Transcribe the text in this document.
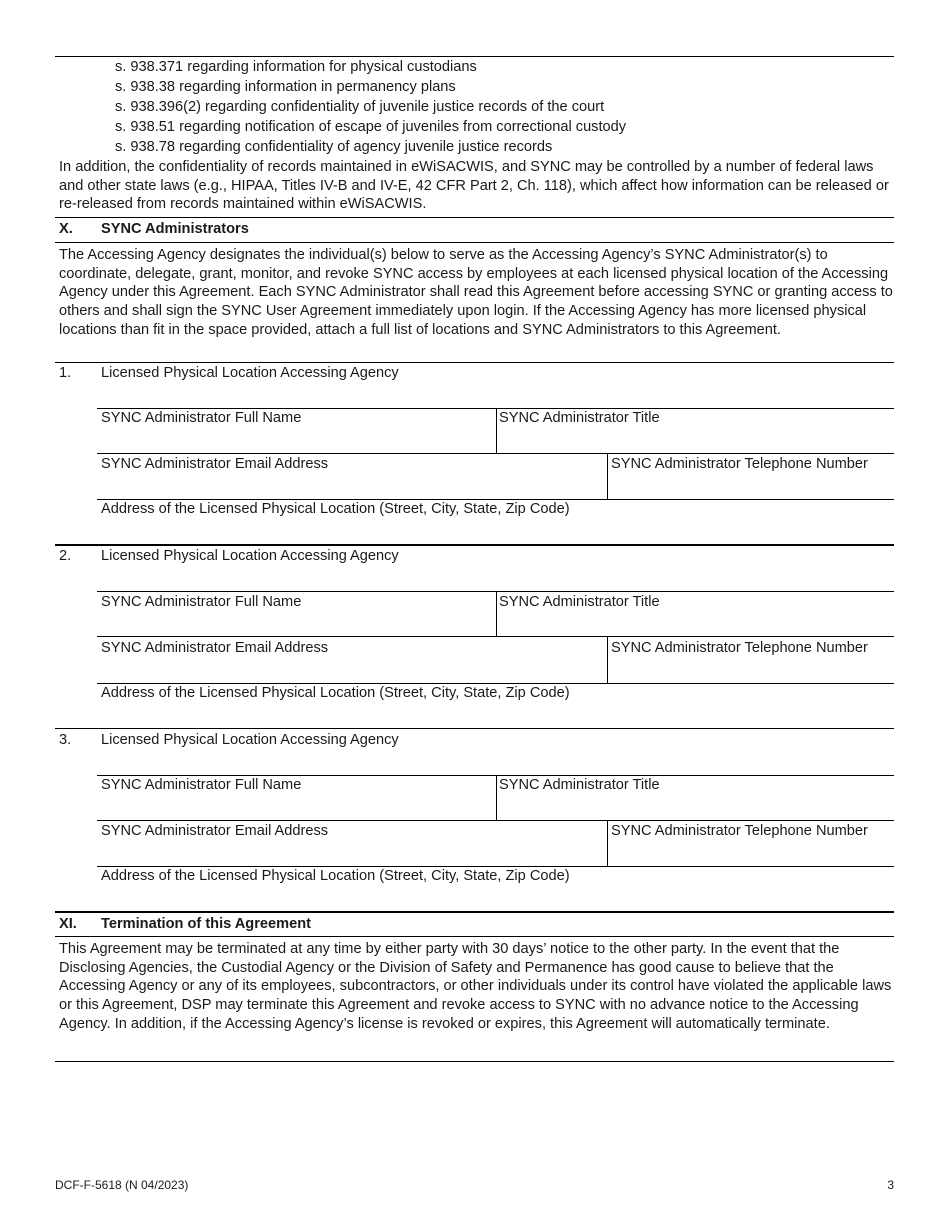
s. 938.371 regarding information for physical custodians
s. 938.38 regarding information in permanency plans
s. 938.396(2) regarding confidentiality of juvenile justice records of the court
s. 938.51 regarding notification of escape of juveniles from correctional custody
s. 938.78 regarding confidentiality of agency juvenile justice records
In addition, the confidentiality of records maintained in eWiSACWIS, and SYNC may be controlled by a number of federal laws and other state laws (e.g., HIPAA, Titles IV-B and IV-E, 42 CFR Part 2, Ch. 118), which affect how information can be released or re-released from records maintained within eWiSACWIS.
X. SYNC Administrators
The Accessing Agency designates the individual(s) below to serve as the Accessing Agency’s SYNC Administrator(s) to coordinate, delegate, grant, monitor, and revoke SYNC access by employees at each licensed physical location of the Accessing Agency under this Agreement. Each SYNC Administrator shall read this Agreement before accessing SYNC or granting access to others and shall sign the SYNC User Agreement immediately upon login. If the Accessing Agency has more licensed physical locations than fit in the space provided, attach a full list of locations and SYNC Administrators to this Agreement.
1. Licensed Physical Location Accessing Agency
SYNC Administrator Full Name	SYNC Administrator Title
SYNC Administrator Email Address	SYNC Administrator Telephone Number
Address of the Licensed Physical Location (Street, City, State, Zip Code)
2. Licensed Physical Location Accessing Agency
SYNC Administrator Full Name	SYNC Administrator Title
SYNC Administrator Email Address	SYNC Administrator Telephone Number
Address of the Licensed Physical Location (Street, City, State, Zip Code)
3. Licensed Physical Location Accessing Agency
SYNC Administrator Full Name	SYNC Administrator Title
SYNC Administrator Email Address	SYNC Administrator Telephone Number
Address of the Licensed Physical Location (Street, City, State, Zip Code)
XI. Termination of this Agreement
This Agreement may be terminated at any time by either party with 30 days’ notice to the other party. In the event that the Disclosing Agencies, the Custodial Agency or the Division of Safety and Permanence has good cause to believe that the Accessing Agency or any of its employees, subcontractors, or other individuals under its control have violated the applicable laws or this Agreement, DSP may terminate this Agreement and revoke access to SYNC with no advance notice to the Accessing Agency. In addition, if the Accessing Agency’s license is revoked or expires, this Agreement will automatically terminate.
DCF-F-5618 (N 04/2023)	3
